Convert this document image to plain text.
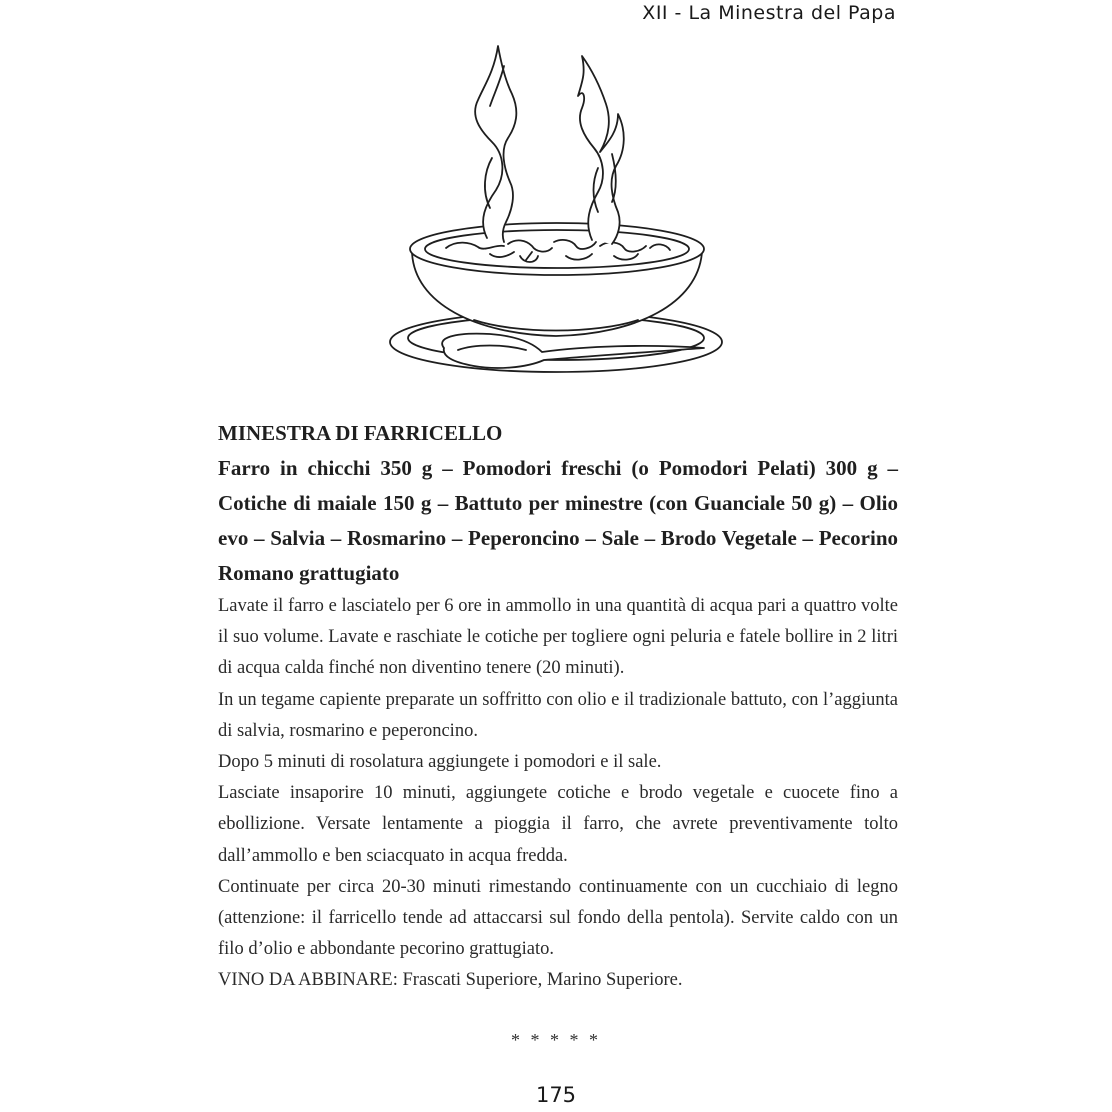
XII - La Minestra del Papa
MINESTRA DI FARRICELLO

Farro in chicchi 350 g – Pomodori freschi (o Pomodori Pelati) 300 g – Cotiche di maiale 150 g – Battuto per minestre (con Guanciale 50 g) – Olio evo – Salvia – Rosmarino – Peperoncino – Sale – Brodo Vegetale – Pecorino Romano grattugiato

Lavate il farro e lasciatelo per 6 ore in ammollo in una quantità di acqua pari a quattro volte il suo volume. Lavate e raschiate le cotiche per togliere ogni peluria e fatele bollire in 2 litri di acqua calda finché non diventino tenere (20 minuti).

In un tegame capiente preparate un soffritto con olio e il tradizionale battuto, con l’aggiunta di salvia, rosmarino e peperoncino.

Dopo 5 minuti di rosolatura aggiungete i pomodori e il sale.

Lasciate insaporire 10 minuti, aggiungete cotiche e brodo vegetale e cuocete fino a ebollizione. Versate lentamente a pioggia il farro, che avrete preventivamente tolto dall’ammollo e ben sciacquato in acqua fredda.

Continuate per circa 20-30 minuti rimestando continuamente con un cucchiaio di legno (attenzione: il farricello tende ad attaccarsi sul fondo della pentola). Servite caldo con un filo d’olio e abbondante pecorino grattugiato.

VINO DA ABBINARE: Frascati Superiore, Marino Superiore.

* * * * *
175
